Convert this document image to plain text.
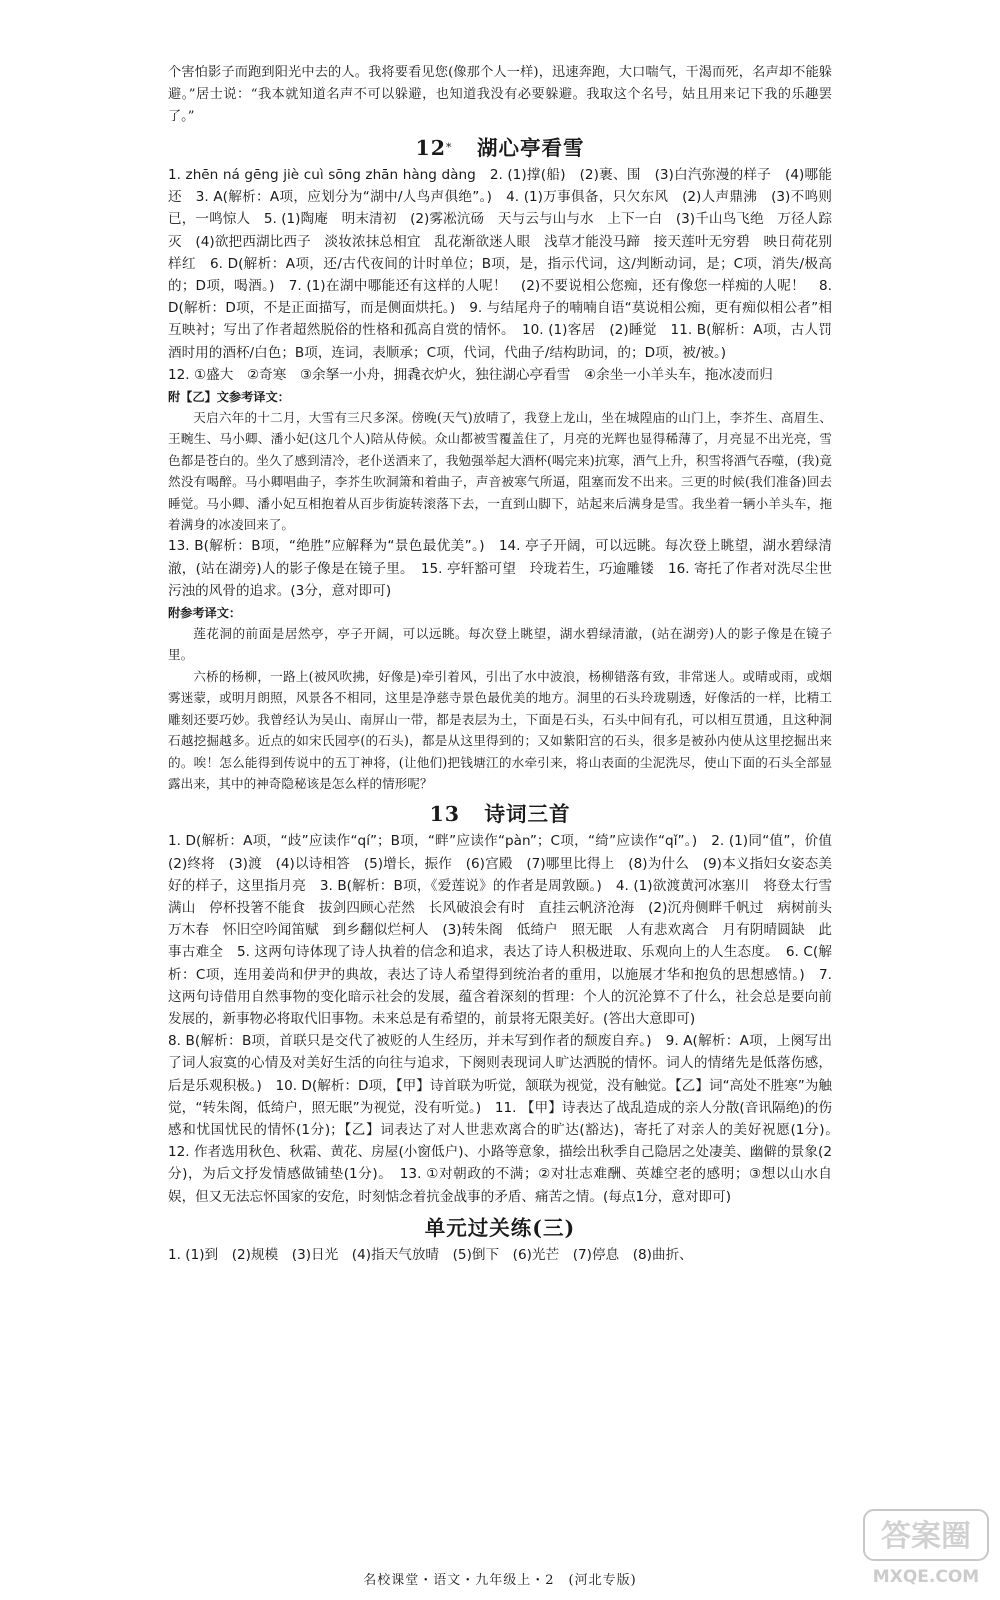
个害怕影子而跑到阳光中去的人。我将要看见您(像那个人一样)，迅速奔跑，大口喘气，干渴而死，名声却不能躲避。”居士说：“我本就知道名声不可以躲避，也知道我没有必要躲避。我取这个名号，姑且用来记下我的乐趣罢了。”

12* 湖心亭看雪

1. zhēn ná gēng jiè cuì sōng zhān hàng dàng　2. (1)撑(船)　(2)裹、围　(3)白汽弥漫的样子　(4)哪能　还　3. A(解析：A项，应划分为“湖中/人鸟声俱绝”。)　4. (1)万事俱备，只欠东风　(2)人声鼎沸　(3)不鸣则已，一鸣惊人　5. (1)陶庵　明末清初　(2)雾凇沆砀　天与云与山与水　上下一白　(3)千山鸟飞绝　万径人踪灭　(4)欲把西湖比西子　淡妆浓抹总相宜　乱花渐欲迷人眼　浅草才能没马蹄　接天莲叶无穷碧　映日荷花别样红　6. D(解析：A项，还/古代夜间的计时单位；B项，是，指示代词，这/判断动词，是；C项，消失/极高的；D项，喝酒。)　7. (1)在湖中哪能还有这样的人呢！　(2)不要说相公您痴，还有像您一样痴的人呢！　8. D(解析：D项，不是正面描写，而是侧面烘托。)　9. 与结尾舟子的喃喃自语“莫说相公痴，更有痴似相公者”相互映衬；写出了作者超然脱俗的性格和孤高自赏的情怀。　10. (1)客居　(2)睡觉　11. B(解析：A项，古人罚酒时用的酒杯/白色；B项，连词，表顺承；C项，代词，代曲子/结构助词，的；D项，被/被。)

12. ①盛大　②奇寒　③余拏一小舟，拥毳衣炉火，独往湖心亭看雪　④余坐一小羊头车，拖冰凌而归

附【乙】文参考译文：

天启六年的十二月，大雪有三尺多深。傍晚(天气)放晴了，我登上龙山，坐在城隍庙的山门上，李芥生、高眉生、王畹生、马小卿、潘小妃(这几个人)陪从侍候。众山都被雪覆盖住了，月亮的光辉也显得稀薄了，月亮显不出光亮，雪色都是苍白的。坐久了感到清冷，老仆送酒来了，我勉强举起大酒杯(喝完来)抗寒，酒气上升，积雪将酒气吞噬，(我)竟然没有喝醉。马小卿唱曲子，李芥生吹洞箫和着曲子，声音被寒气所逼，阻塞而发不出来。三更的时候(我们准备)回去睡觉。马小卿、潘小妃互相抱着从百步街旋转滚落下去，一直到山脚下，站起来后满身是雪。我坐着一辆小羊头车，拖着满身的冰凌回来了。

13. B(解析：B项，“绝胜”应解释为“景色最优美”。)　14. 亭子开阔，可以远眺。每次登上眺望，湖水碧绿清澈，(站在湖旁)人的影子像是在镜子里。　15. 亭轩豁可望　玲珑若生，巧逾雕镂　16. 寄托了作者对洗尽尘世污浊的风骨的追求。(3分，意对即可)

附参考译文：

莲花洞的前面是居然亭，亭子开阔，可以远眺。每次登上眺望，湖水碧绿清澈，(站在湖旁)人的影子像是在镜子里。

六桥的杨柳，一路上(被风吹拂，好像是)牵引着风，引出了水中波浪，杨柳错落有致，非常迷人。或晴或雨，或烟雾迷蒙，或明月朗照，风景各不相同，这里是净慈寺景色最优美的地方。洞里的石头玲珑剔透，好像活的一样，比精工雕刻还要巧妙。我曾经认为吴山、南屏山一带，都是表层为土，下面是石头，石头中间有孔，可以相互贯通，且这种洞石越挖掘越多。近点的如宋氏园亭(的石头)，都是从这里得到的；又如紫阳宫的石头，很多是被孙内使从这里挖掘出来的。唉！怎么能得到传说中的五丁神将，(让他们)把钱塘江的水牵引来，将山表面的尘泥洗尽，使山下面的石头全部显露出来，其中的神奇隐秘该是怎么样的情形呢？

13 诗词三首

1. D(解析：A项，“歧”应读作“qí”；B项，“畔”应读作“pàn”；C项，“绮”应读作“qǐ”。)　2. (1)同“值”，价值　(2)终将　(3)渡　(4)以诗相答　(5)增长，振作　(6)宫殿　(7)哪里比得上　(8)为什么　(9)本义指妇女姿态美好的样子，这里指月亮　3. B(解析：B项，《爱莲说》的作者是周敦颐。)　4. (1)欲渡黄河冰塞川　将登太行雪满山　停杯投箸不能食　拔剑四顾心茫然　长风破浪会有时　直挂云帆济沧海　(2)沉舟侧畔千帆过　病树前头万木春　怀旧空吟闻笛赋　到乡翻似烂柯人　(3)转朱阁　低绮户　照无眠　人有悲欢离合　月有阴晴圆缺　此事古难全　5. 这两句诗体现了诗人执着的信念和追求，表达了诗人积极进取、乐观向上的人生态度。　6. C(解析：C项，连用姜尚和伊尹的典故，表达了诗人希望得到统治者的重用，以施展才华和抱负的思想感情。)　7. 这两句诗借用自然事物的变化暗示社会的发展，蕴含着深刻的哲理：个人的沉沦算不了什么，社会总是要向前发展的，新事物必将取代旧事物。未来总是有希望的，前景将无限美好。(答出大意即可)

8. B(解析：B项，首联只是交代了被贬的人生经历，并未写到作者的颓废自弃。)　9. A(解析：A项，上阕写出了词人寂寞的心情及对美好生活的向往与追求，下阕则表现词人旷达洒脱的情怀。词人的情绪先是低落伤感，后是乐观积极。)　10. D(解析：D项，【甲】诗首联为听觉，颔联为视觉，没有触觉。【乙】词“高处不胜寒”为触觉，“转朱阁，低绮户，照无眠”为视觉，没有听觉。)　11. 【甲】诗表达了战乱造成的亲人分散(音讯隔绝)的伤感和忧国忧民的情怀(1分)；【乙】词表达了对人世悲欢离合的旷达(豁达)，寄托了对亲人的美好祝愿(1分)。　12. 作者选用秋色、秋霜、黄花、房屋(小窗低户)、小路等意象，描绘出秋季自己隐居之处凄美、幽僻的景象(2分)，为后文抒发情感做铺垫(1分)。　13. ①对朝政的不满；②对壮志难酬、英雄空老的感明；③想以山水自娱，但又无法忘怀国家的安危，时刻惦念着抗金战事的矛盾、痛苦之情。(每点1分，意对即可)

单元过关练(三)

1. (1)到　(2)规模　(3)日光　(4)指天气放晴　(5)倒下　(6)光芒　(7)停息　(8)曲折、

名校课堂・语文・九年级上・2　(河北专版)
答案圈
MXQE.COM
